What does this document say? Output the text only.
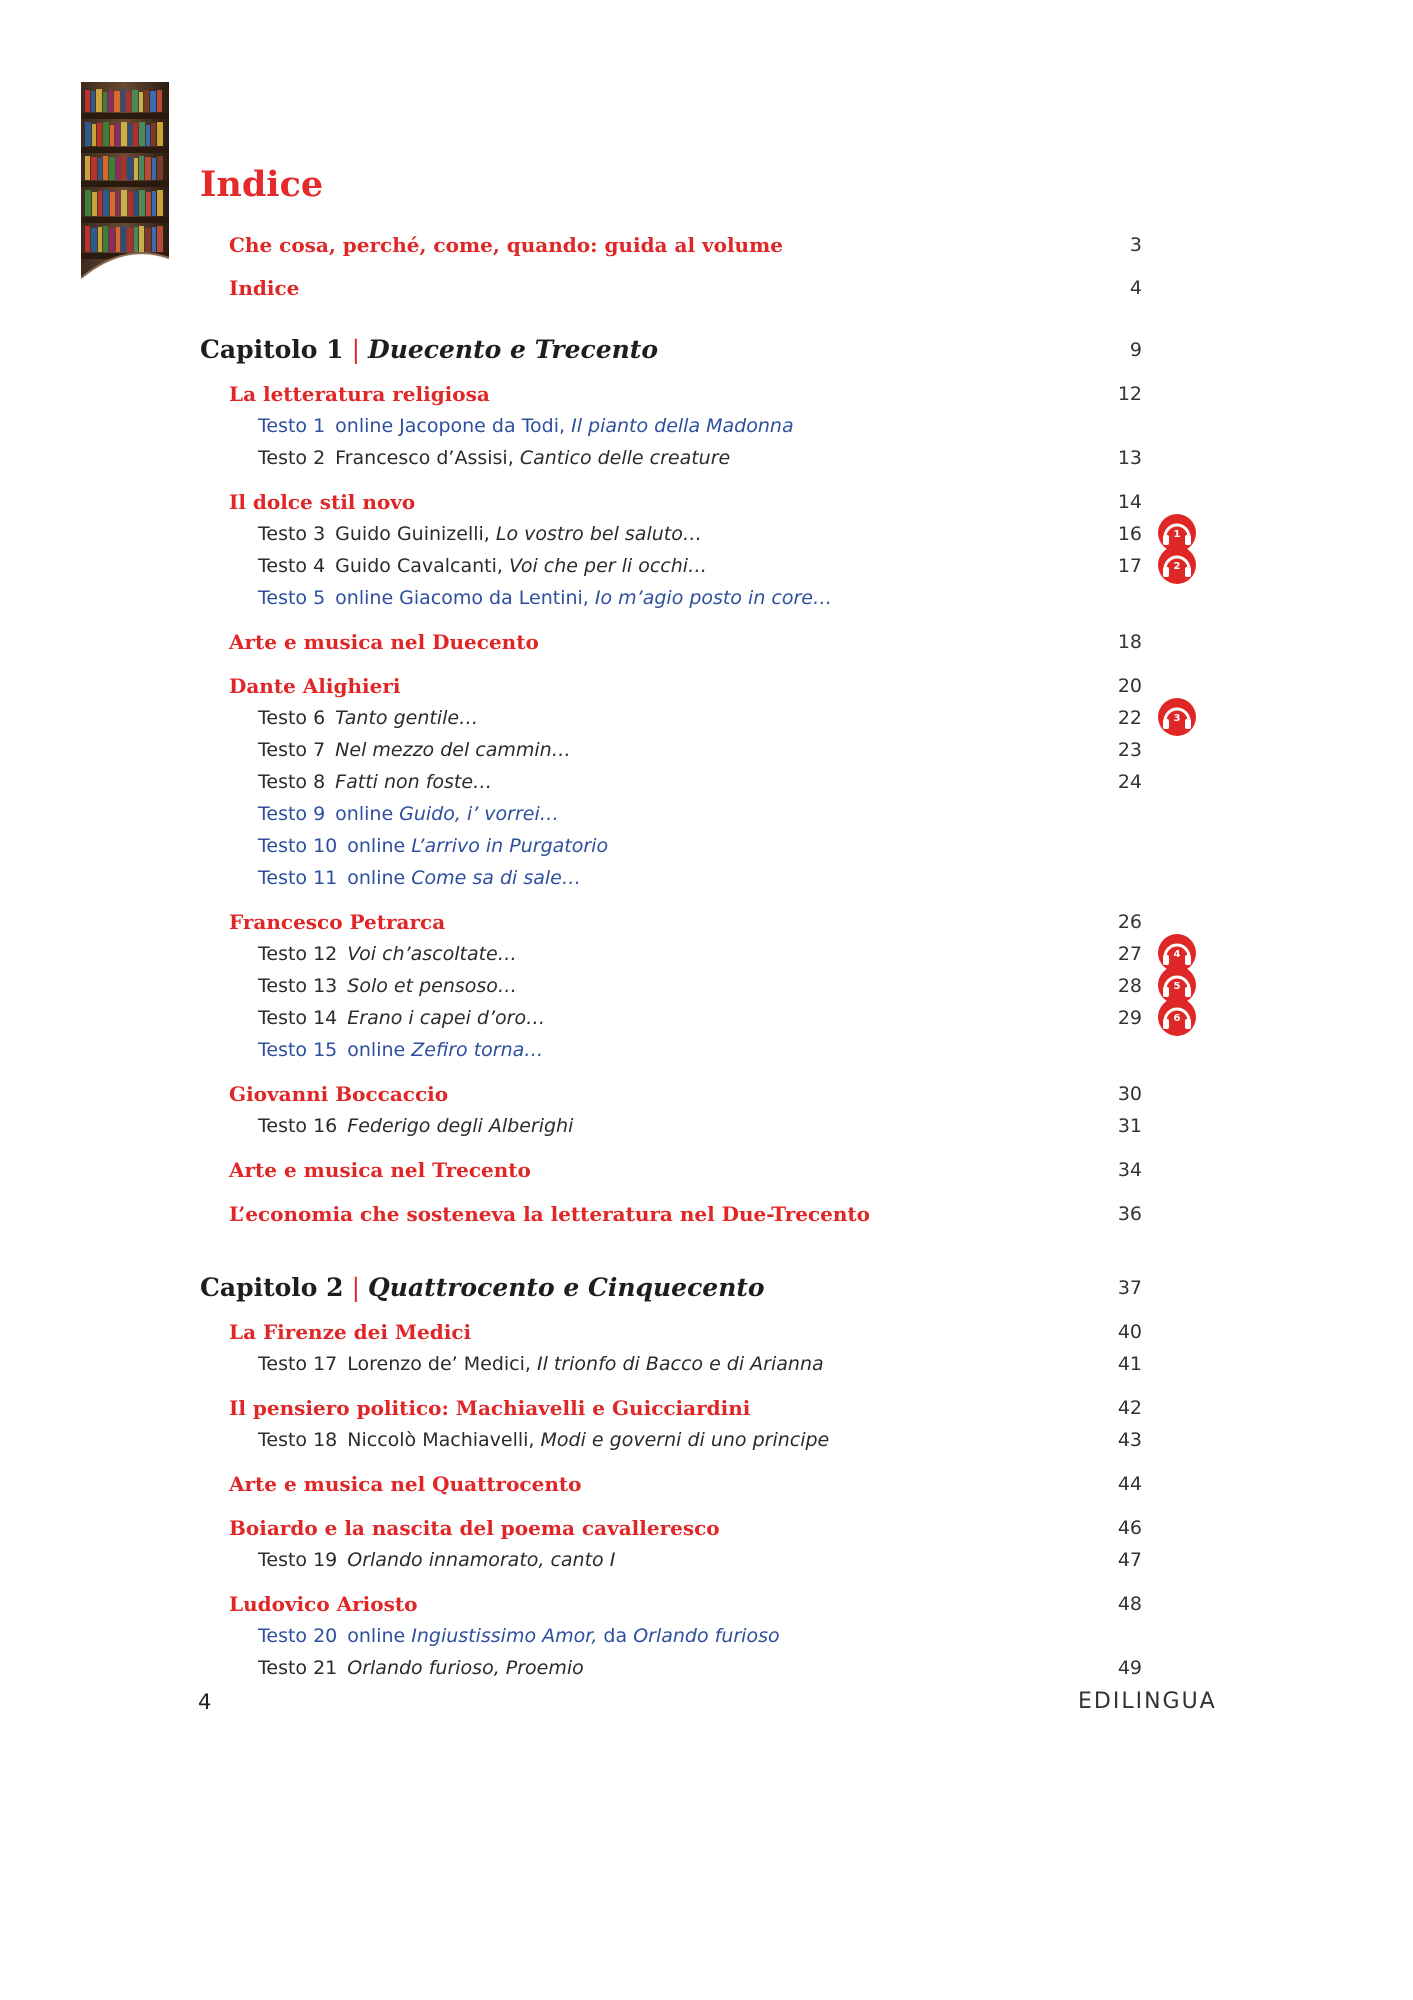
Indice
Che cosa, perché, come, quando: guida al volume	3
Indice	4
Capitolo 1 | Duecento e Trecento	9
La letteratura religiosa	12
Testo 1 online Jacopone da Todi, Il pianto della Madonna
Testo 2 Francesco d’Assisi, Cantico delle creature	13
Il dolce stil novo	14
Testo 3 Guido Guinizelli, Lo vostro bel saluto…	16	1
Testo 4 Guido Cavalcanti, Voi che per li occhi…	17	2
Testo 5 online Giacomo da Lentini, Io m’agio posto in core…
Arte e musica nel Duecento	18
Dante Alighieri	20
Testo 6 Tanto gentile…	22	3
Testo 7 Nel mezzo del cammin…	23
Testo 8 Fatti non foste…	24
Testo 9 online Guido, i’ vorrei…
Testo 10 online L’arrivo in Purgatorio
Testo 11 online Come sa di sale…
Francesco Petrarca	26
Testo 12 Voi ch’ascoltate…	27	4
Testo 13 Solo et pensoso…	28	5
Testo 14 Erano i capei d’oro…	29	6
Testo 15 online Zefiro torna…
Giovanni Boccaccio	30
Testo 16 Federigo degli Alberighi	31
Arte e musica nel Trecento	34
L’economia che sosteneva la letteratura nel Due-Trecento	36
Capitolo 2 | Quattrocento e Cinquecento	37
La Firenze dei Medici	40
Testo 17 Lorenzo de’ Medici, Il trionfo di Bacco e di Arianna	41
Il pensiero politico: Machiavelli e Guicciardini	42
Testo 18 Niccolò Machiavelli, Modi e governi di uno principe	43
Arte e musica nel Quattrocento	44
Boiardo e la nascita del poema cavalleresco	46
Testo 19 Orlando innamorato, canto I	47
Ludovico Ariosto	48
Testo 20 online Ingiustissimo Amor, da Orlando furioso
Testo 21 Orlando furioso, Proemio	49
4	EDILINGUA
